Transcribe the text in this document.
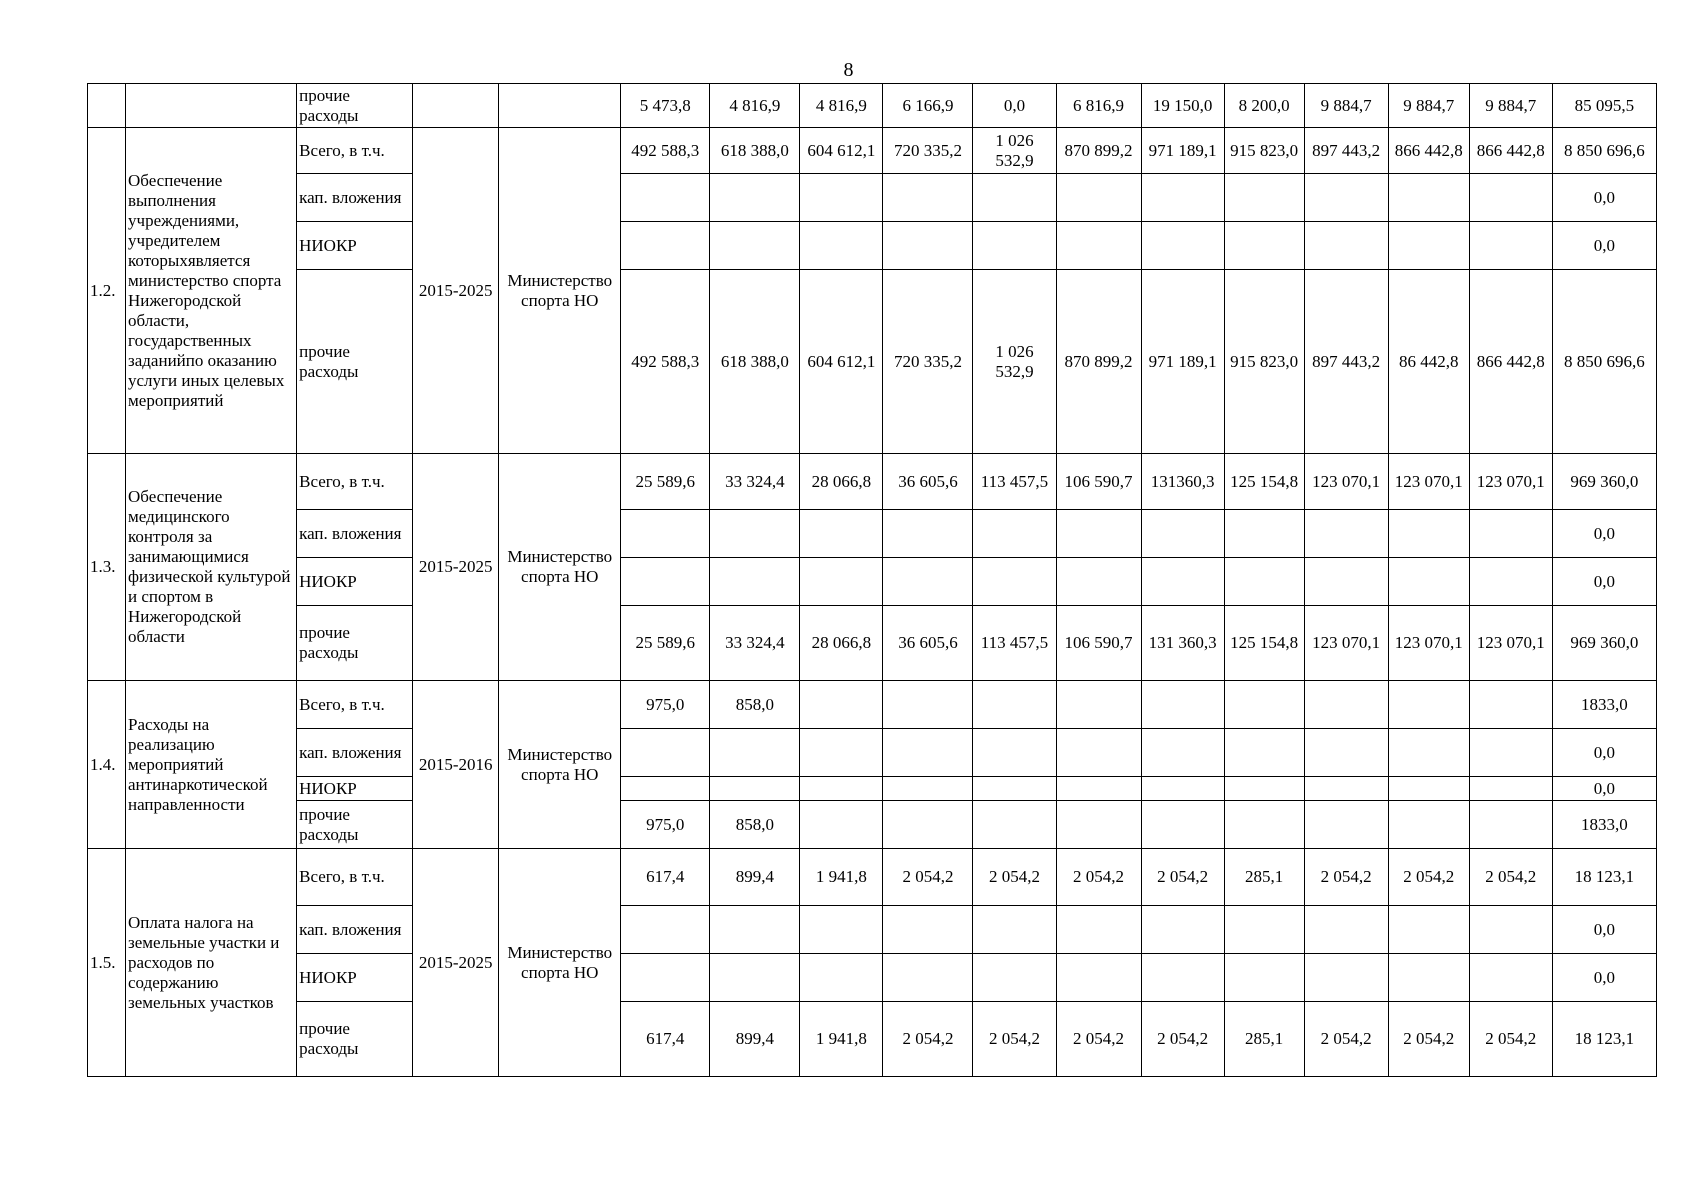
8
		прочие расходы			5 473,8	4 816,9	4 816,9	6 166,9	0,0	6 816,9	19 150,0	8 200,0	9 884,7	9 884,7	9 884,7	85 095,5
1.2.	Обеспечение выполнения учреждениями, учредителем которыхявляется министерство спорта Нижегородской области, государственных заданийпо оказанию услуги иных целевых мероприятий	Всего, в т.ч.	2015-2025	Министерство спорта НО	492 588,3	618 388,0	604 612,1	720 335,2	1 026 532,9	870 899,2	971 189,1	915 823,0	897 443,2	866 442,8	866 442,8	8 850 696,6
		кап. вложения														0,0
		НИОКР														0,0
		прочие расходы			492 588,3	618 388,0	604 612,1	720 335,2	1 026 532,9	870 899,2	971 189,1	915 823,0	897 443,2	86 442,8	866 442,8	8 850 696,6
1.3.	Обеспечение медицинского контроля за занимающимися физической культурой и спортом в Нижегородской области	Всего, в т.ч.	2015-2025	Министерство спорта НО	25 589,6	33 324,4	28 066,8	36 605,6	113 457,5	106 590,7	131360,3	125 154,8	123 070,1	123 070,1	123 070,1	969 360,0
		кап. вложения														0,0
		НИОКР														0,0
		прочие расходы			25 589,6	33 324,4	28 066,8	36 605,6	113 457,5	106 590,7	131 360,3	125 154,8	123 070,1	123 070,1	123 070,1	969 360,0
1.4.	Расходы на реализацию мероприятий антинаркотической направленности	Всего, в т.ч.	2015-2016	Министерство спорта НО	975,0	858,0										1833,0
		кап. вложения														0,0
		НИОКР														0,0
		прочие расходы			975,0	858,0										1833,0
1.5.	Оплата налога на земельные участки и расходов по содержанию земельных участков	Всего, в т.ч.	2015-2025	Министерство спорта НО	617,4	899,4	1 941,8	2 054,2	2 054,2	2 054,2	2 054,2	285,1	2 054,2	2 054,2	2 054,2	18 123,1
		кап. вложения														0,0
		НИОКР														0,0
		прочие расходы			617,4	899,4	1 941,8	2 054,2	2 054,2	2 054,2	2 054,2	285,1	2 054,2	2 054,2	2 054,2	18 123,1
